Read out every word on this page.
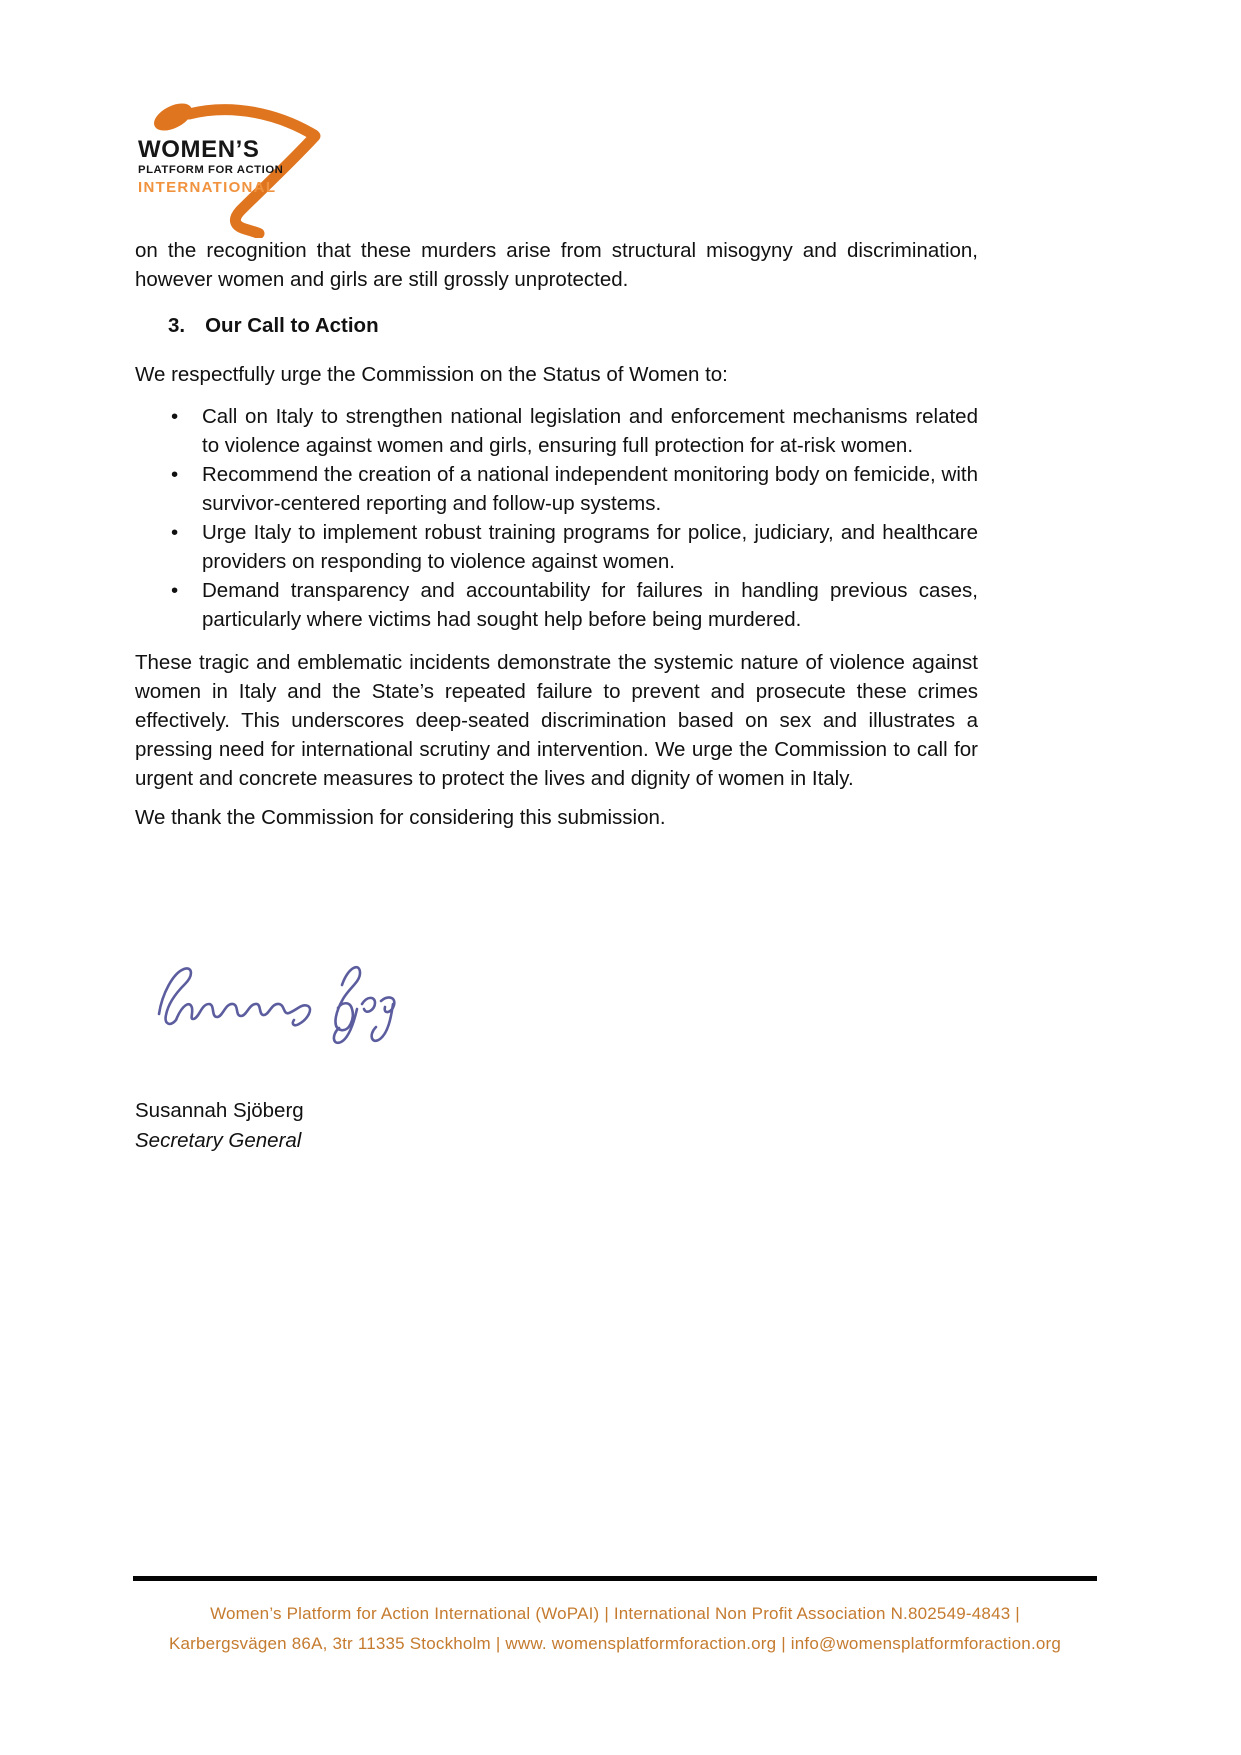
WOMEN’S
PLATFORM FOR ACTION
INTERNATIONAL
on the recognition that these murders arise from structural misogyny and discrimination, however women and girls are still grossly unprotected.
3. Our Call to Action
We respectfully urge the Commission on the Status of Women to:
• Call on Italy to strengthen national legislation and enforcement mechanisms related to violence against women and girls, ensuring full protection for at-risk women.
• Recommend the creation of a national independent monitoring body on femicide, with survivor-centered reporting and follow-up systems.
• Urge Italy to implement robust training programs for police, judiciary, and healthcare providers on responding to violence against women.
• Demand transparency and accountability for failures in handling previous cases, particularly where victims had sought help before being murdered.
These tragic and emblematic incidents demonstrate the systemic nature of violence against women in Italy and the State’s repeated failure to prevent and prosecute these crimes effectively. This underscores deep-seated discrimination based on sex and illustrates a pressing need for international scrutiny and intervention. We urge the Commission to call for urgent and concrete measures to protect the lives and dignity of women in Italy.
We thank the Commission for considering this submission.
Susannah Sjöberg
Secretary General
Women’s Platform for Action International (WoPAI) | International Non Profit Association N.802549-4843 |
Karbergsvägen 86A, 3tr 11335 Stockholm | www. womensplatformforaction.org | info@womensplatformforaction.org
